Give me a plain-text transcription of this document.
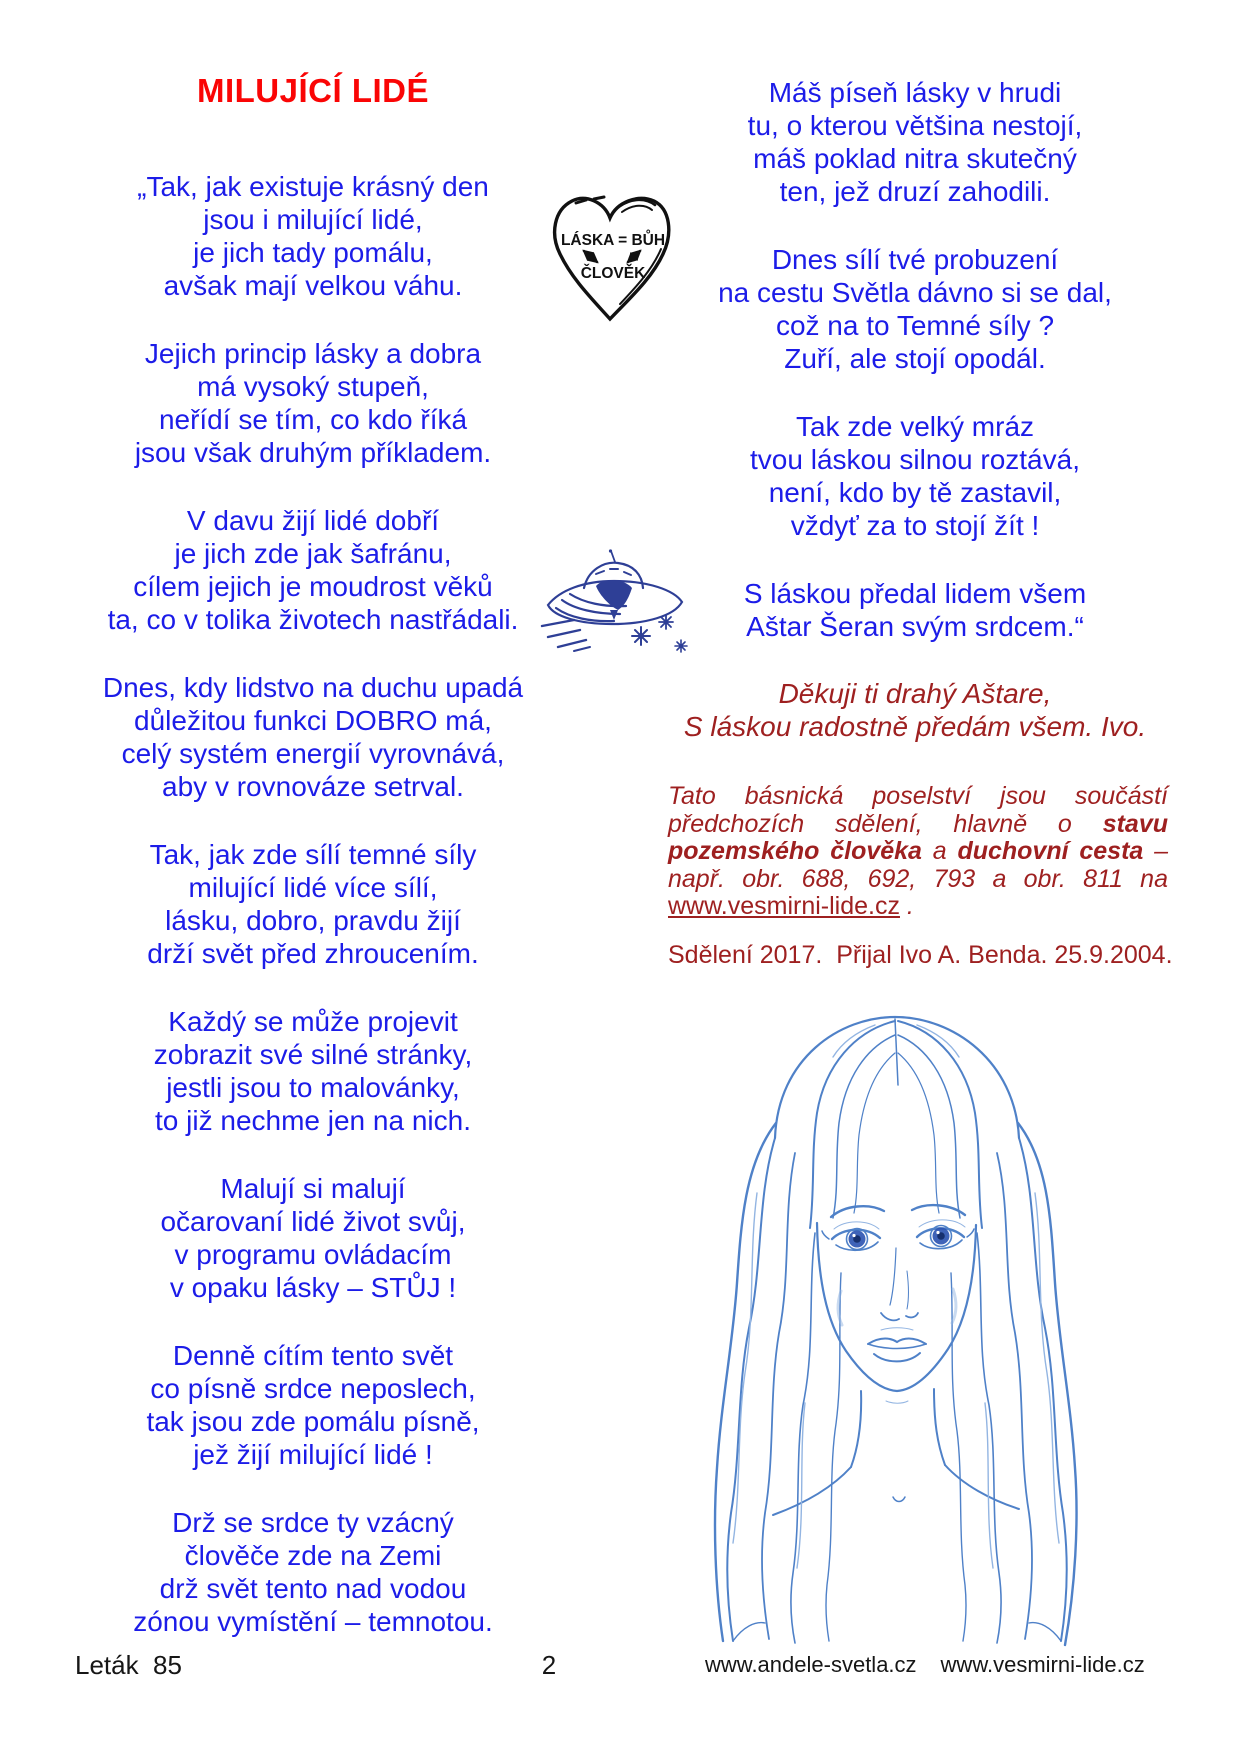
MILUJÍCÍ LIDÉ
„Tak, jak existuje krásný den
jsou i milující lidé,
je jich tady pomálu,
avšak mají velkou váhu.
Jejich princip lásky a dobra
má vysoký stupeň,
neřídí se tím, co kdo říká
jsou však druhým příkladem.
V davu žijí lidé dobří
je jich zde jak šafránu,
cílem jejich je moudrost věků
ta, co v tolika životech nastřádali.
Dnes, kdy lidstvo na duchu upadá
důležitou funkci DOBRO má,
celý systém energií vyrovnává,
aby v rovnováze setrval.
Tak, jak zde sílí temné síly
milující lidé více sílí,
lásku, dobro, pravdu žijí
drží svět před zhroucením.
Každý se může projevit
zobrazit své silné stránky,
jestli jsou to malovánky,
to již nechme jen na nich.
Malují si malují
očarovaní lidé život svůj,
v programu ovládacím
v opaku lásky – STŮJ !
Denně cítím tento svět
co písně srdce neposlech,
tak jsou zde pomálu písně,
jež žijí milující lidé !
Drž se srdce ty vzácný
člověče zde na Zemi
drž svět tento nad vodou
zónou vymístění – temnotou.
LÁSKA = BŮH
ČLOVĚK
Máš píseň lásky v hrudi
tu, o kterou většina nestojí,
máš poklad nitra skutečný
ten, jež druzí zahodili.
Dnes sílí tvé probuzení
na cestu Světla dávno si se dal,
což na to Temné síly ?
Zuří, ale stojí opodál.
Tak zde velký mráz
tvou láskou silnou roztává,
není, kdo by tě zastavil,
vždyť za to stojí žít !
S láskou předal lidem všem
Aštar Šeran svým srdcem.“
Děkuji ti drahý Aštare,
S láskou radostně předám všem. Ivo.
Tato básnická poselství jsou součástí
předchozích sdělení, hlavně o stavu
pozemského člověka a duchovní cesta –
např. obr. 688, 692, 793 a obr. 811 na
www.vesmirni-lide.cz .
Sdělení 2017.  Přijal Ivo A. Benda. 25.9.2004.
Leták  85	2	www.andele-svetla.cz www.vesmirni-lide.cz
